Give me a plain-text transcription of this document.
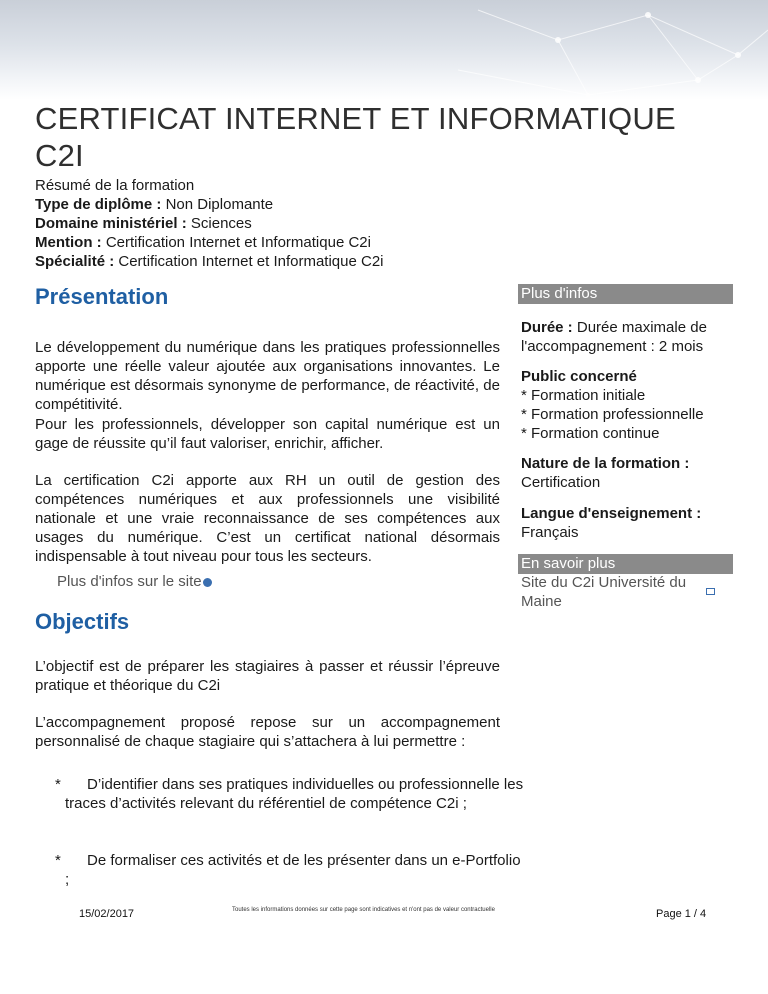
CERTIFICAT INTERNET ET INFORMATIQUE C2I
Résumé de la formation
Type de diplôme : Non Diplomante
Domaine ministériel : Sciences
Mention : Certification Internet et Informatique C2i
Spécialité : Certification Internet et Informatique C2i
Présentation

Le développement du numérique dans les pratiques professionnelles apporte une réelle valeur ajoutée aux organisations innovantes. Le numérique est désormais synonyme de performance, de réactivité, de compétitivité.

Pour les professionnels, développer son capital numérique est un gage de réussite qu’il faut valoriser, enrichir, afficher.

La certification C2i apporte aux RH un outil de gestion des compétences numériques et aux professionnels une visibilité nationale et une vraie reconnaissance de ses compétences aux usages du numérique. C’est un certificat national désormais indispensable à tout niveau pour tous les secteurs.

Plus d'infos sur le site
Objectifs

L’objectif est de préparer les stagiaires à passer et réussir l’épreuve pratique et théorique du C2i

L’accompagnement proposé repose sur un accompagnement personnalisé de chaque stagiaire qui s’attachera à lui permettre :

*	D’identifier dans ses pratiques individuelles ou professionnelle les traces d’activités relevant du référentiel de compétence C2i ;
*	De formaliser ces activités et de les présenter dans un e-Portfolio ;
Plus d'infos
Durée : Durée maximale de l'accompagnement : 2 mois
Public concerné
* Formation initiale
* Formation professionnelle
* Formation continue
Nature de la formation :
Certification
Langue d'enseignement :
Français
En savoir plus
Site du C2i Université du Maine
15/02/2017	Toutes les informations données sur cette page sont indicatives et n'ont pas de valeur contractuelle	Page 1 / 4
